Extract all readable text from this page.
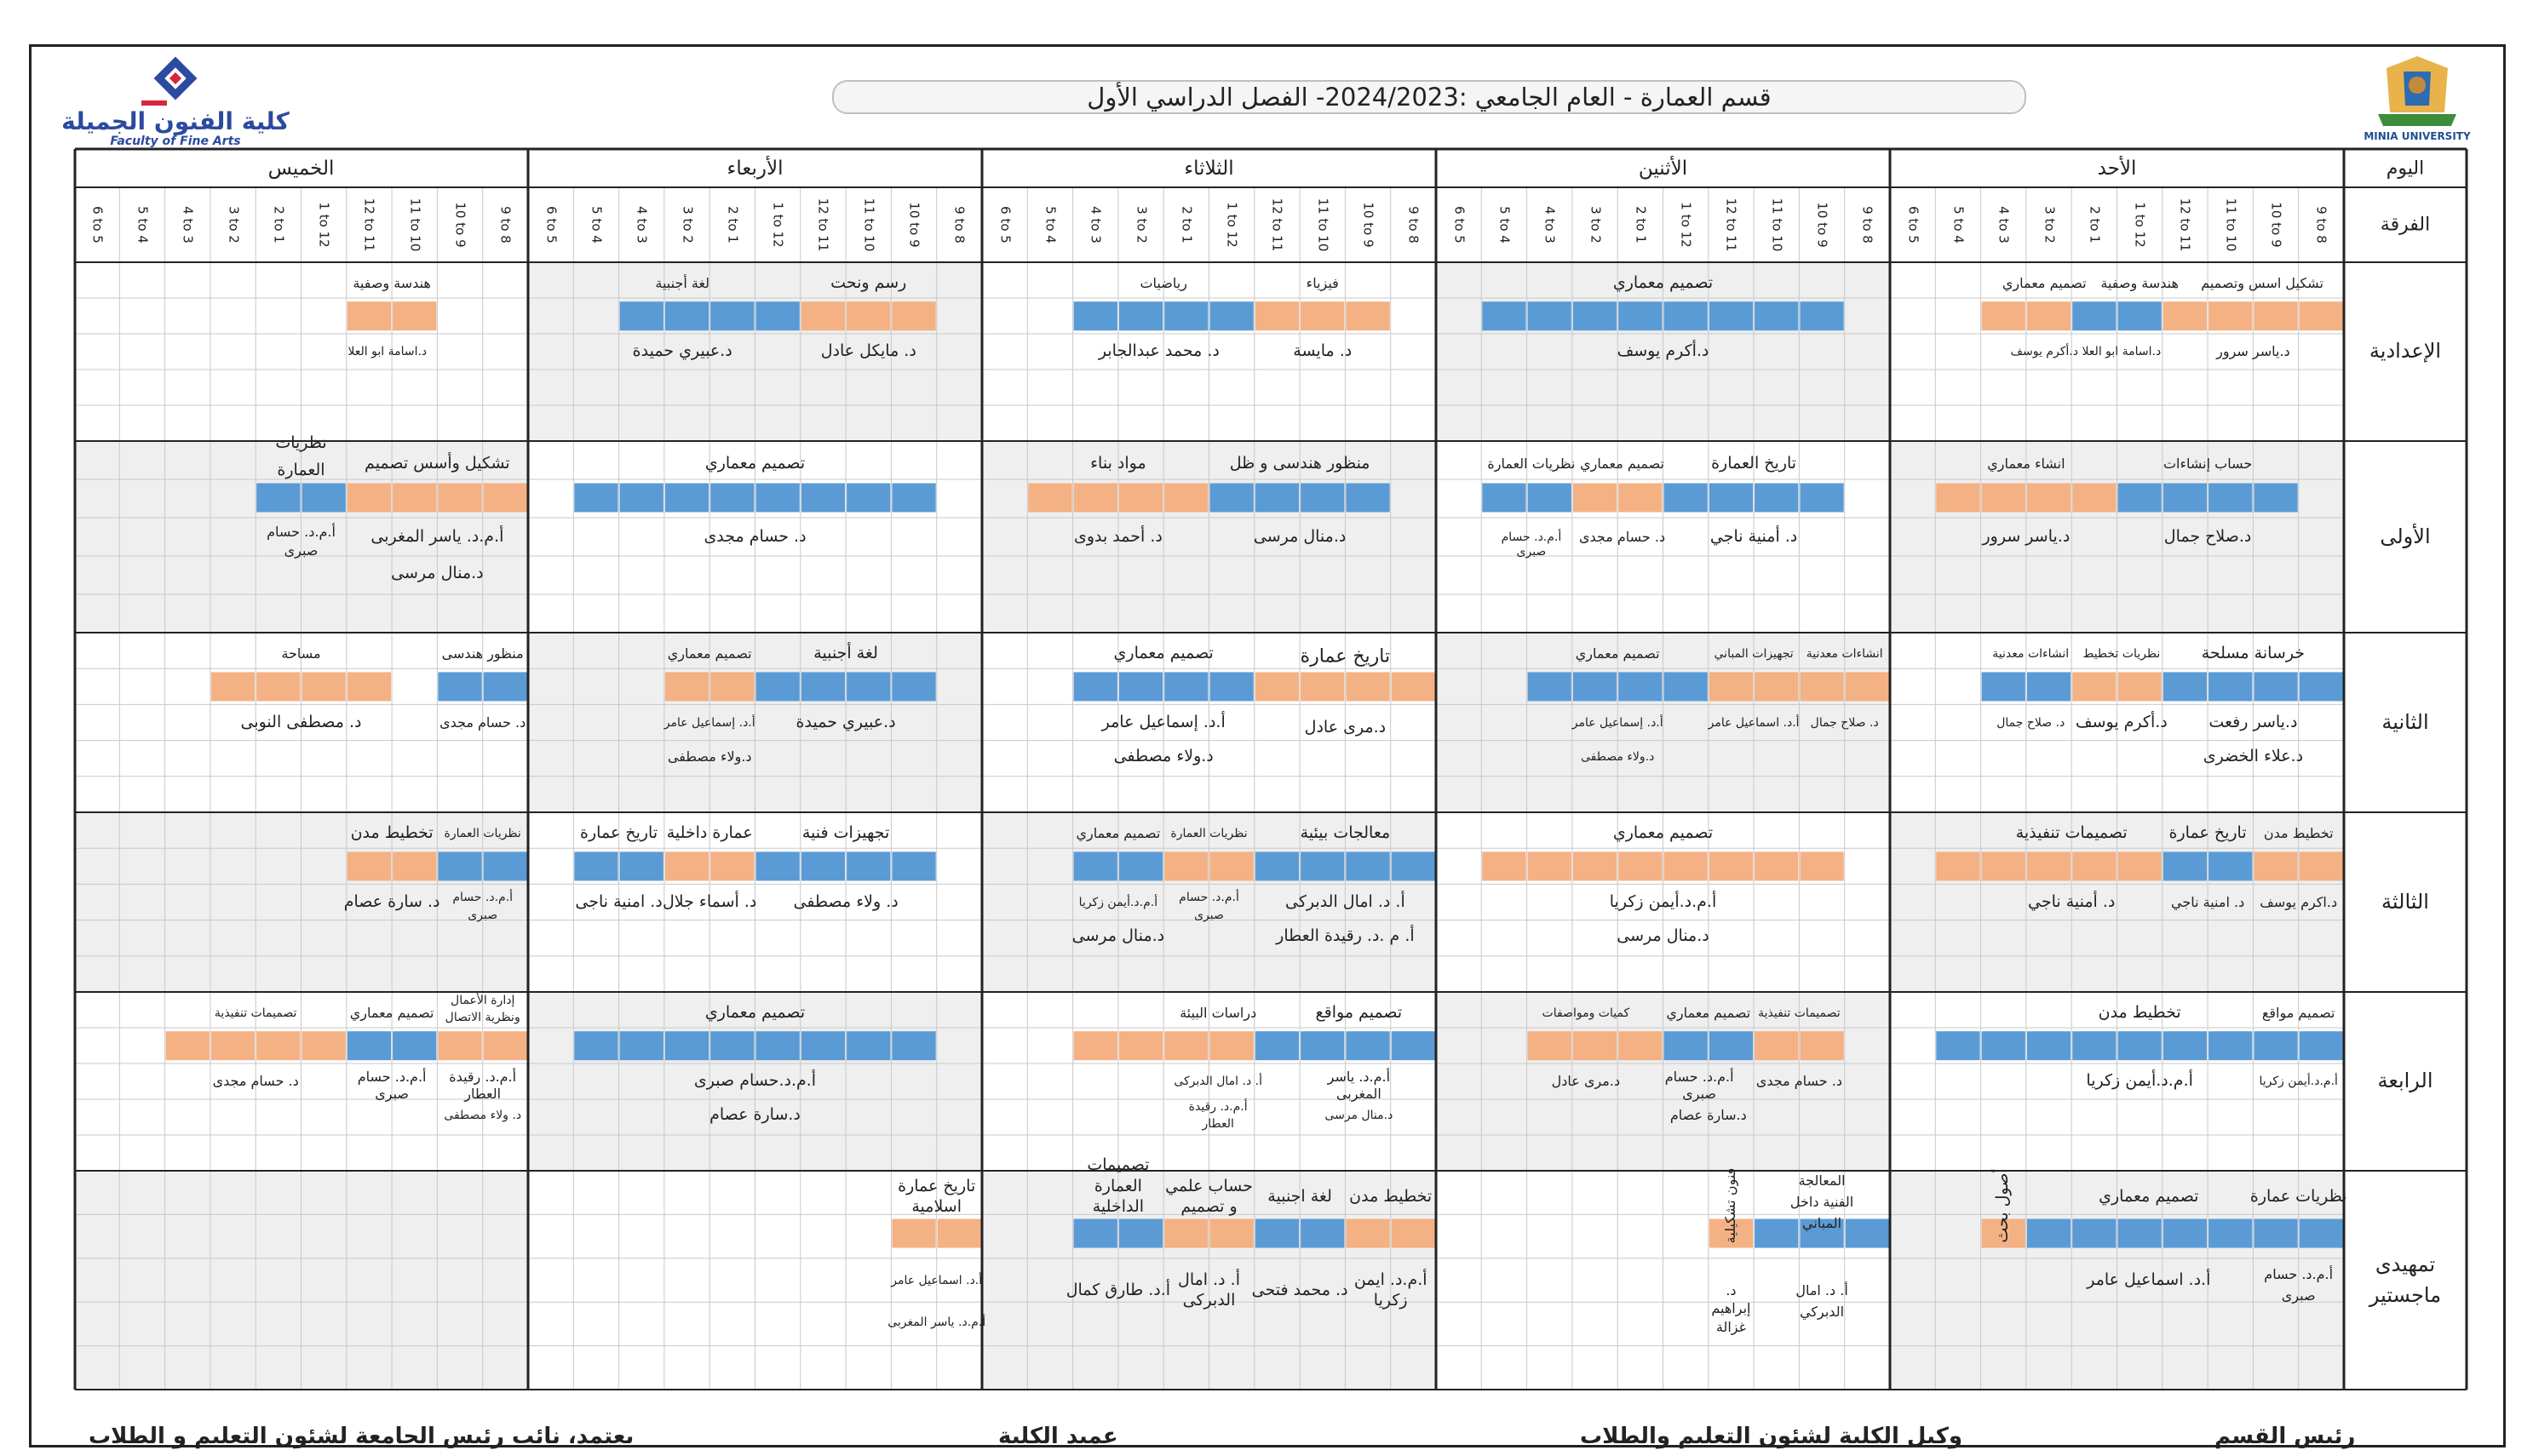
كلية الفنون الجميلة
Faculty of Fine Arts	MINIA UNIVERSITY
قسم العمارة - العام الجامعي :2024/2023- الفصل الدراسي الأول
اليوم
الفرقة
الأحد
الأثنين
الثلاثاء
الأربعاء
الخميس
9 to 8
10 to 9
11 to 10
12 to 11
1 to 12
2 to 1
3 to 2
4 to 3
5 to 4
6 to 5
9 to 8
10 to 9
11 to 10
12 to 11
1 to 12
2 to 1
3 to 2
4 to 3
5 to 4
6 to 5
9 to 8
10 to 9
11 to 10
12 to 11
1 to 12
2 to 1
3 to 2
4 to 3
5 to 4
6 to 5
9 to 8
10 to 9
11 to 10
12 to 11
1 to 12
2 to 1
3 to 2
4 to 3
5 to 4
6 to 5
9 to 8
10 to 9
11 to 10
12 to 11
1 to 12
2 to 1
3 to 2
4 to 3
5 to 4
6 to 5
الإعدادية
الأولى
الثانية
الثالثة
الرابعة
تمهيدى
ماجستير
تشكيل اسس وتصميم
هندسة وصفية
تصميم معماري
د.ياسر سرور
د.اسامة ابو العلا
د.أكرم يوسف
تصميم معماري
د.أكرم يوسف
فيزياء
رياضيات
د. مايسة
د. محمد عبدالجابر
رسم ونحت
لغة أجنبية
د. مايكل عادل
د.عبيري حميدة
هندسة وصفية
د.اسامة ابو العلا
حساب إنشاءات
انشاء معماري
د.صلاح جمال
د.ياسر سرور
تاريخ العمارة
تصميم معماري
نظريات العمارة
د. أمنية ناجي
د. حسام مجدى
أ.م.د. حسام
صبرى
منظور هندسى و ظل
مواد بناء
د.منال مرسى
د. أحمد بدوى
تصميم معماري
د. حسام مجدى
تشكيل وأسس تصميم
نظريات
العمارة
أ.م.د. ياسر المغربى
أ.م.د. حسام
صبرى
د.منال مرسى
خرسانة مسلحة
نظريات تخطيط
انشاءات معدنية
د.ياسر رفعت
د.أكرم يوسف
د. صلاح جمال
د.علاء الخضرى
انشاءات معدنية
تجهيزات المباني
تصميم معماري
د. صلاح جمال
أ.د. اسماعيل عامر
أ.د. إسماعيل عامر
د.ولاء مصطفى
تاريخ عمارة
تصميم معماري
د.مرى عادل
أ.د. إسماعيل عامر
د.ولاء مصطفى
لغة أجنبية
تصميم معماري
د.عبيري حميدة
أ.د. إسماعيل عامر
د.ولاء مصطفى
منظور هندسى
مساحة
د. حسام مجدى
د. مصطفى النوبى
تخطيط مدن
تاريخ عمارة
تصميمات تنفيذية
د.اكرم يوسف
د. امنية ناجي
د. أمنية ناجي
تصميم معماري
أ.م.د.أيمن زكريا
د.منال مرسى
معالجات بيئية
نظريات العمارة
تصميم معماري
أ. د. امال الدبركى
أ.م.د. حسام
صبرى
أ.م.د.أيمن زكريا
أ. م .د. رقيدة العطار
د.منال مرسى
تجهيزات فنية
عمارة داخلية
تاريخ عمارة
د. ولاء مصطفى
د. أسماء جلال
د. امنية ناجى
نظريات العمارة
تخطيط مدن
أ.م.د. حسام
صبرى
د. سارة عصام
تصميم مواقع
تخطيط مدن
أ.م.د.أيمن زكريا
أ.م.د.أيمن زكريا
تصميمات تنفيذية
تصميم معماري
كميات ومواصفات
د. حسام مجدى
أ.م.د. حسام
صبرى
د.مرى عادل
د.سارة عصام
تصميم مواقع
دراسات البيئة
أ.م.د. ياسر
المغربى
أ. د. امال الدبركى
د.منال مرسى
أ.م.د. رقيدة
العطار
تصميم معماري
أ.م.د.حسام صبرى
د.سارة عصام
إدارة الأعمال
ونظرية الاتصال
تصميم معماري
تصميمات تنفيذية
أ.م.د. رقيدة
العطار
أ.م.د. حسام
صبرى
د. حسام مجدى
د. ولاء مصطفى
نظريات عمارة
تصميم معماري
أ.م.د. حسام
صبرى
أ.د. اسماعيل عامر
أصول بحث
المعالجة
الفنية داخل
المباني
أ. د. امال
الدبركي
د.
إبراهيم
غزالة
فنون تشكيلية
تخطيط مدن
لغة اجنبية
حساب علمي
و تصميم
تصميمات
العمارة
الداخلية
أ.م.د. ايمن
زكريا
د. محمد فتحى
أ. د. امال
الدبركى
أ.د. طارق كمال
تاريخ عمارة
اسلامية
أ.د. اسماعيل عامر
أ.م.د. ياسر المغربى
رئيس القسم
وكيل الكلية لشئون التعليم والطلاب
عميد الكلية
يعتمد، نائب رئيس الجامعة لشئون التعليم و الطلاب
